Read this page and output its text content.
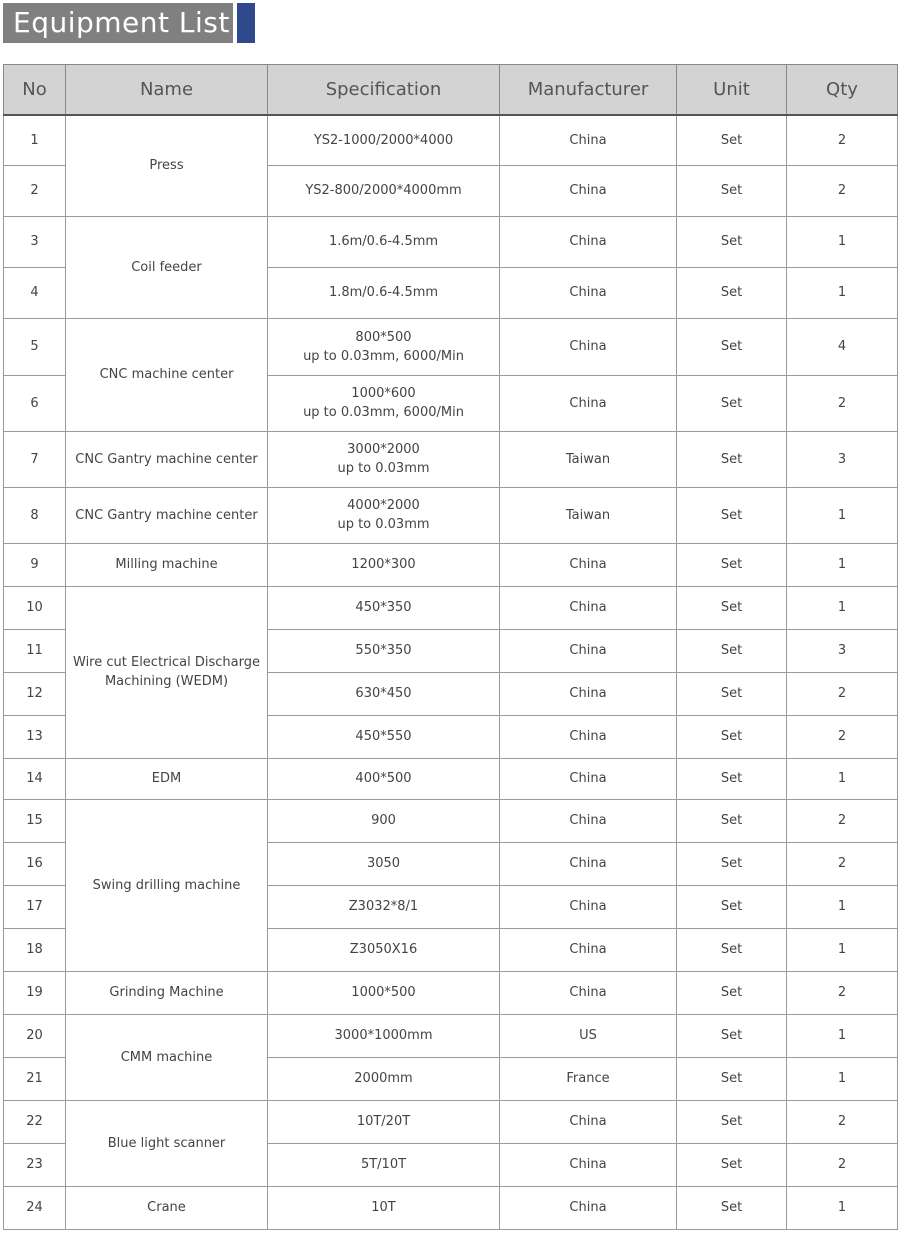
Equipment List
No	Name	Specification	Manufacturer	Unit	Qty
1	Press	YS2-1000/2000*4000	China	Set	2
2		YS2-800/2000*4000mm	China	Set	2
3	Coil feeder	1.6m/0.6-4.5mm	China	Set	1
4		1.8m/0.6-4.5mm	China	Set	1
5	CNC machine center	800*500
up to 0.03mm, 6000/Min	China	Set	4
6		1000*600
up to 0.03mm, 6000/Min	China	Set	2
7	CNC Gantry machine center	3000*2000
up to 0.03mm	Taiwan	Set	3
8	CNC Gantry machine center	4000*2000
up to 0.03mm	Taiwan	Set	1
9	Milling machine	1200*300	China	Set	1
10	Wire cut Electrical Discharge Machining (WEDM)	450*350	China	Set	1
11		550*350	China	Set	3
12		630*450	China	Set	2
13		450*550	China	Set	2
14	EDM	400*500	China	Set	1
15	Swing drilling machine	900	China	Set	2
16		3050	China	Set	2
17		Z3032*8/1	China	Set	1
18		Z3050X16	China	Set	1
19	Grinding Machine	1000*500	China	Set	2
20	CMM machine	3000*1000mm	US	Set	1
21		2000mm	France	Set	1
22	Blue light scanner	10T/20T	China	Set	2
23		5T/10T	China	Set	2
24	Crane	10T	China	Set	1
